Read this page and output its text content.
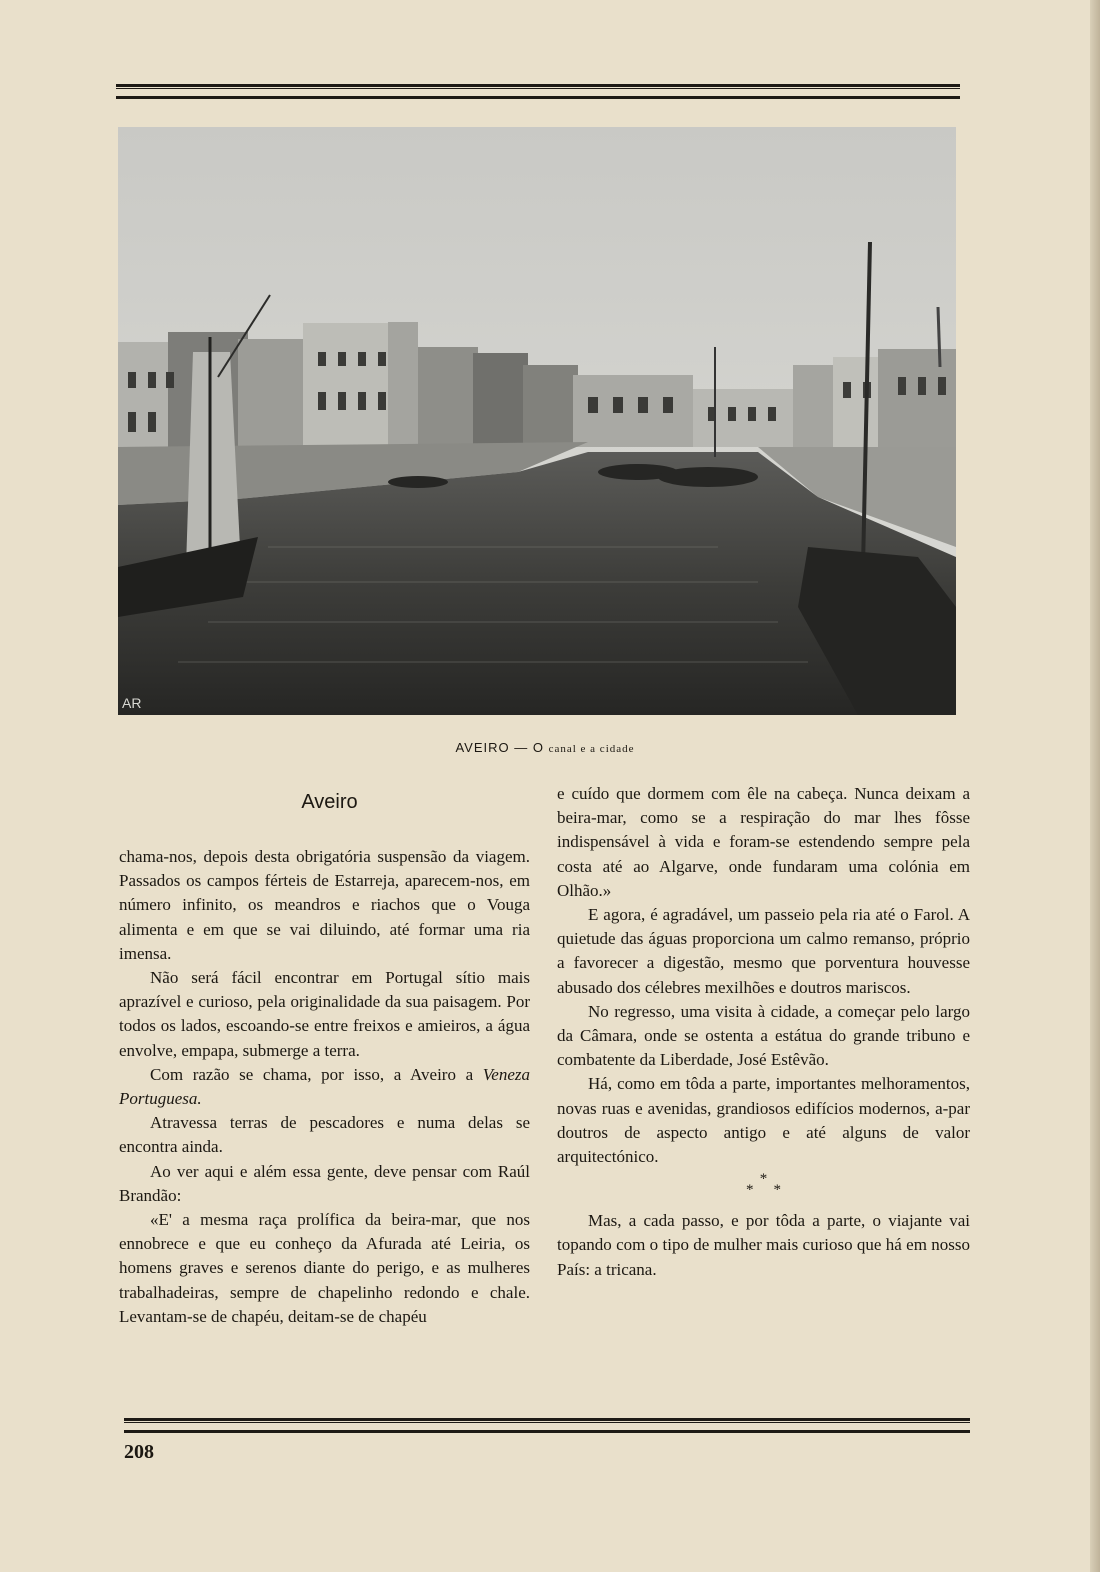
AR
AVEIRO — O canal e a cidade
Aveiro

chama-nos, depois desta obrigatória suspensão da viagem. Passados os campos férteis de Estarreja, aparecem-nos, em número infinito, os meandros e riachos que o Vouga alimenta e em que se vai diluindo, até formar uma ria imensa.

Não será fácil encontrar em Portugal sítio mais aprazível e curioso, pela originalidade da sua paisagem. Por todos os lados, escoando-se entre freixos e amieiros, a água envolve, empapa, submerge a terra.

Com razão se chama, por isso, a Aveiro a Veneza Portuguesa.

Atravessa terras de pescadores e numa delas se encontra ainda.

Ao ver aqui e além essa gente, deve pensar com Raúl Brandão:

«E' a mesma raça prolífica da beira-mar, que nos ennobrece e que eu conheço da Afurada até Leiria, os homens graves e serenos diante do perigo, e as mulheres trabalhadeiras, sempre de chapelinho redondo e chale. Levantam-se de chapéu, deitam-se de chapéu

e cuído que dormem com êle na cabeça. Nunca deixam a beira-mar, como se a respiração do mar lhes fôsse indispensável à vida e foram-se estendendo sempre pela costa até ao Algarve, onde fundaram uma colónia em Olhão.»

E agora, é agradável, um passeio pela ria até o Farol. A quietude das águas proporciona um calmo remanso, próprio a favorecer a digestão, mesmo que porventura houvesse abusado dos célebres mexilhões e doutros mariscos.

No regresso, uma visita à cidade, a começar pelo largo da Câmara, onde se ostenta a estátua do grande tribuno e combatente da Liberdade, José Estêvão.

Há, como em tôda a parte, importantes melhoramentos, novas ruas e avenidas, grandiosos edifícios modernos, a-par doutros de aspecto antigo e até alguns de valor arquitectónico.

*
* *

Mas, a cada passo, e por tôda a parte, o viajante vai topando com o tipo de mulher mais curioso que há em nosso País: a tricana.

208
